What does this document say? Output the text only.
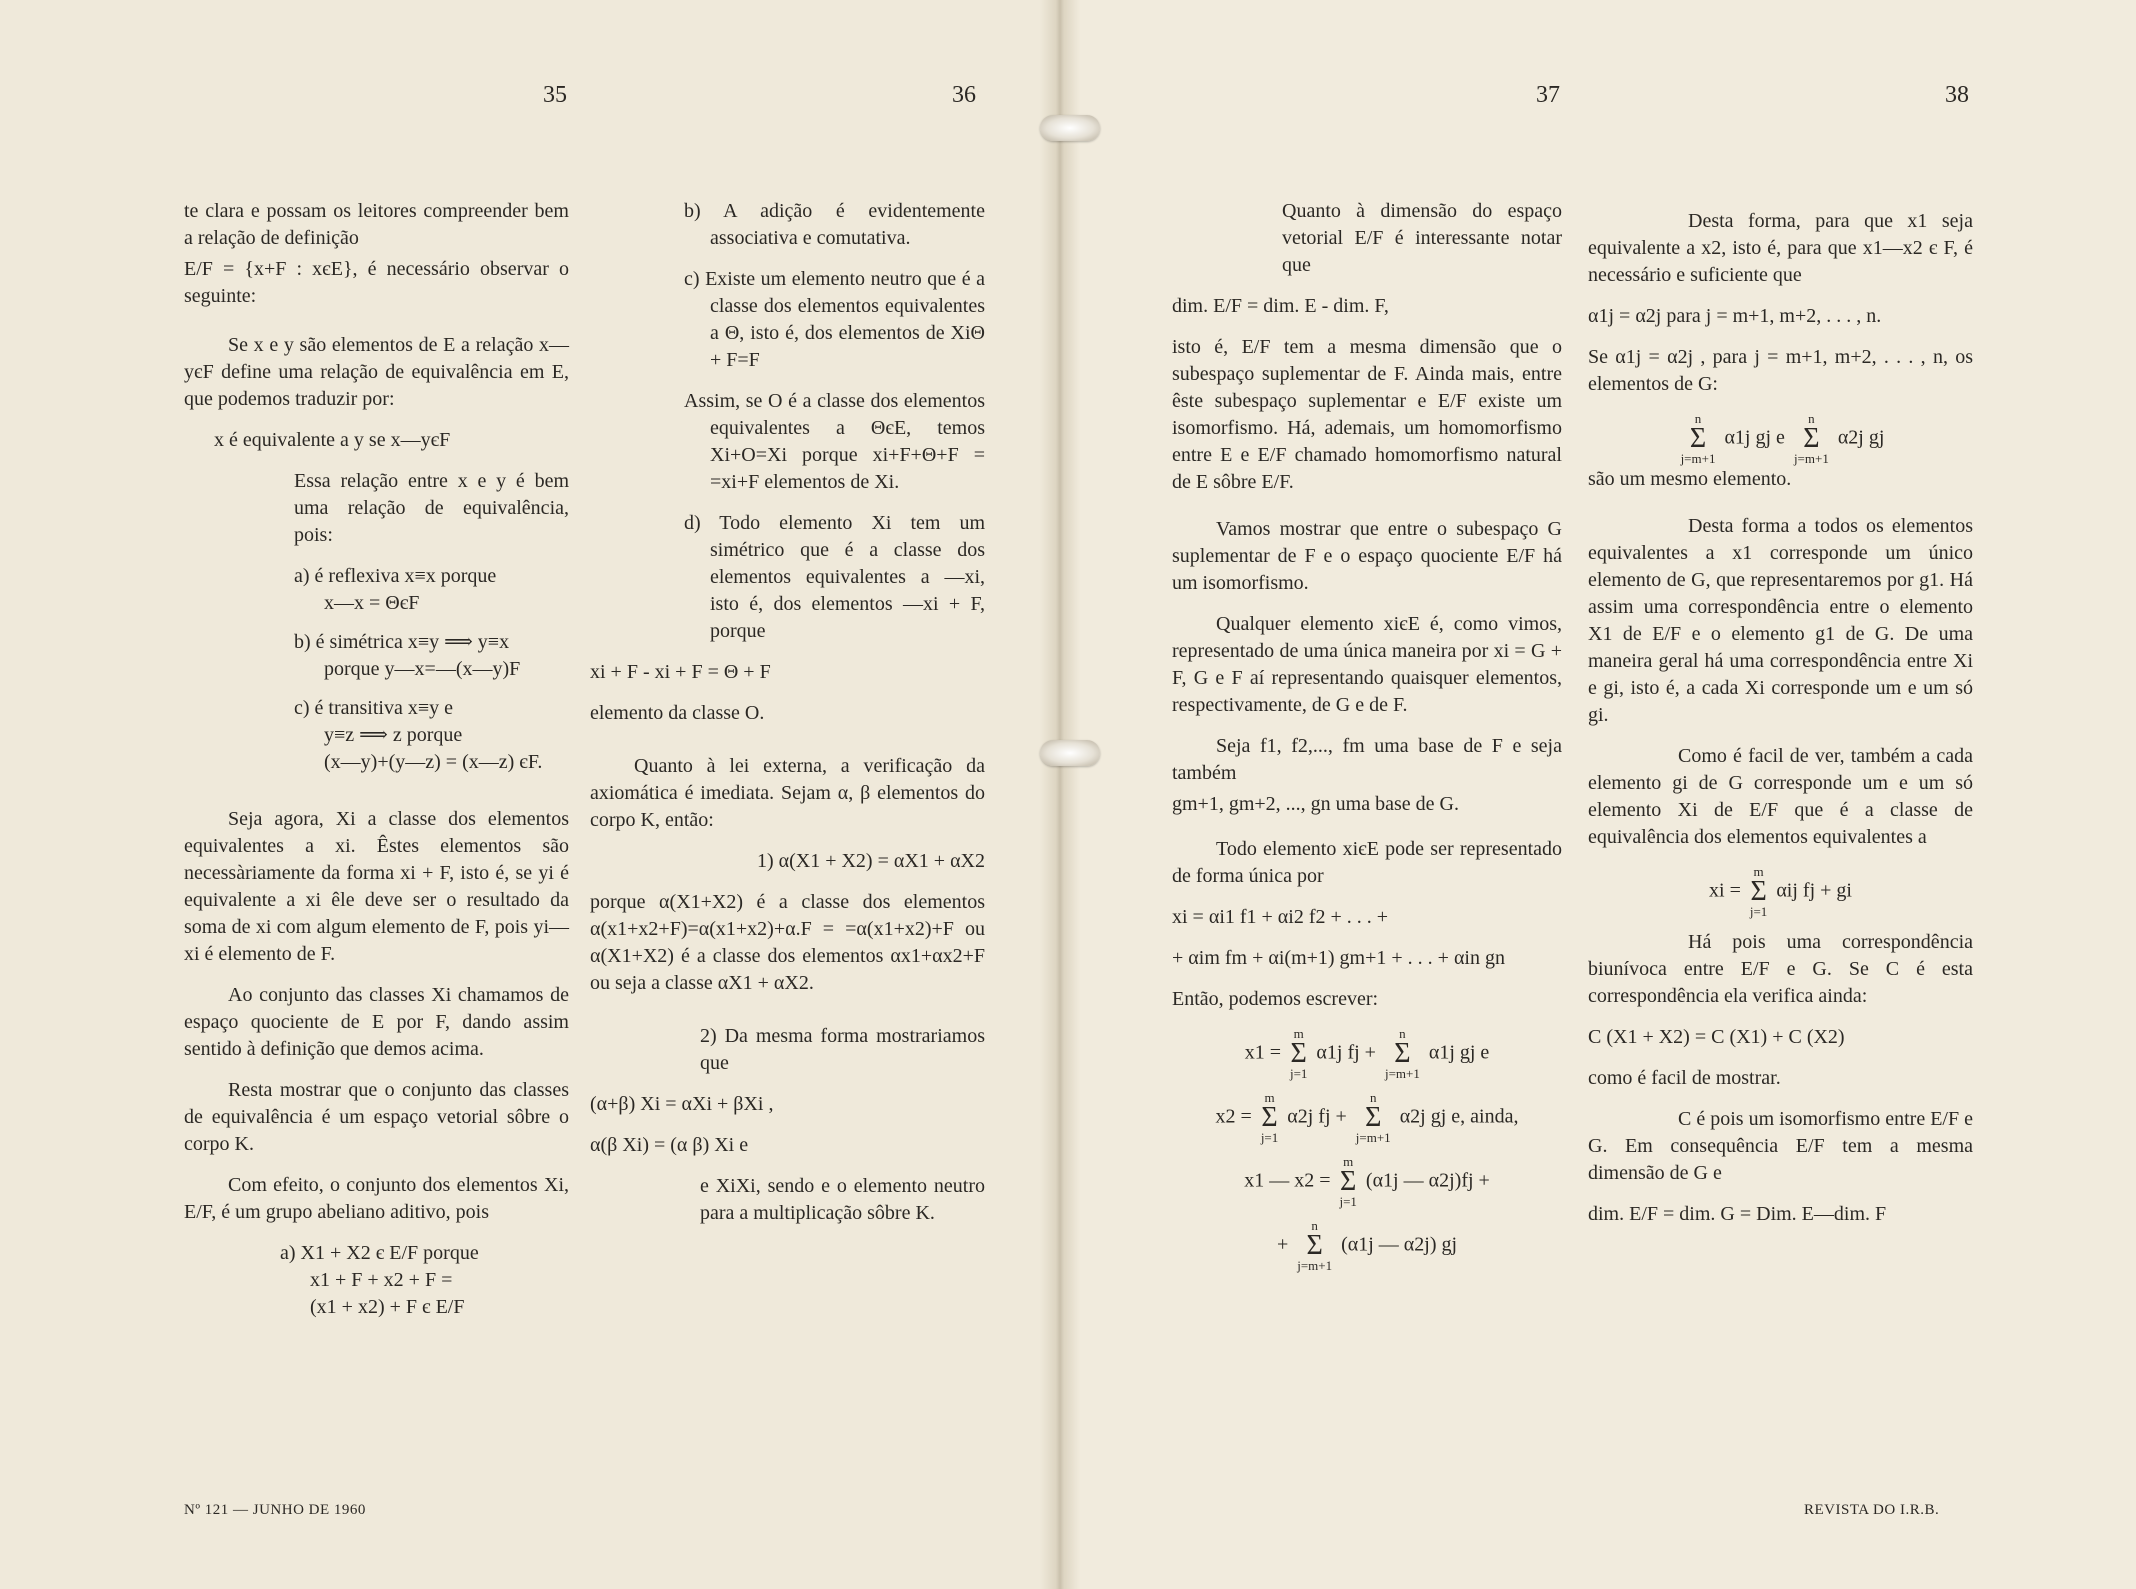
35	36	37	38

te clara e possam os leitores compreender bem a relação de definição

E/F = {x+F : xєE}, é necessário observar o seguinte:

Se x e y são elementos de E a relação x—yєF define uma relação de equivalência em E, que podemos traduzir por:

x é equivalente a y se x—yєF

Essa relação entre x e y é bem uma relação de equivalência, pois:

a) é reflexiva x≡x porque
x—x = ΘєF
b) é simétrica x≡y ⟹ y≡x
porque y—x=—(x—y)F
c) é transitiva x≡y e
y≡z ⟹ z porque
(x—y)+(y—z) = (x—z) єF.

Seja agora, Xi a classe dos elementos equivalentes a xi. Êstes elementos são necessàriamente da forma xi + F, isto é, se yi é equivalente a xi êle deve ser o resultado da soma de xi com algum elemento de F, pois yi—xi é elemento de F.

Ao conjunto das classes Xi chamamos de espaço quociente de E por F, dando assim sentido à definição que demos acima.

Resta mostrar que o conjunto das classes de equivalência é um espaço vetorial sôbre o corpo K.

Com efeito, o conjunto dos elementos Xi, E/F, é um grupo abeliano aditivo, pois

a) X1 + X2 є E/F porque
x1 + F + x2 + F =
(x1 + x2) + F є E/F

b) A adição é evidentemente associativa e comutativa.

c) Existe um elemento neutro que é a classe dos elementos equivalentes a Θ, isto é, dos elementos de XiΘ + F=F

Assim, se O é a classe dos elementos equivalentes a ΘєE, temos Xi+O=Xi porque xi+F+Θ+F = =xi+F elementos de Xi.

d) Todo elemento Xi tem um simétrico que é a classe dos elementos equivalentes a —xi, isto é, dos elementos —xi + F, porque

xi + F - xi + F = Θ + F

elemento da classe O.

Quanto à lei externa, a verificação da axiomática é imediata. Sejam α, β elementos do corpo K, então:

1) α(X1 + X2) = αX1 + αX2

porque α(X1+X2) é a classe dos elementos α(x1+x2+F)=α(x1+x2)+α.F = =α(x1+x2)+F ou α(X1+X2) é a classe dos elementos αx1+αx2+F ou seja a classe αX1 + αX2.

2) Da mesma forma mostrariamos que

(α+β) Xi = αXi + βXi ,

α(β Xi) = (α β) Xi e

e XiXi, sendo e o elemento neutro para a multiplicação sôbre K.

Quanto à dimensão do espaço vetorial E/F é interessante notar que

dim. E/F = dim. E - dim. F,

isto é, E/F tem a mesma dimensão que o subespaço suplementar de F. Ainda mais, entre êste subespaço suplementar e E/F existe um isomorfismo. Há, ademais, um homomorfismo entre E e E/F chamado homomorfismo natural de E sôbre E/F.

Vamos mostrar que entre o subespaço G suplementar de F e o espaço quociente E/F há um isomorfismo.

Qualquer elemento xiєE é, como vimos, representado de uma única maneira por xi = G + F, G e F aí representando quaisquer elementos, respectivamente, de G e de F.

Seja f1, f2,..., fm uma base de F e seja também

gm+1, gm+2, ..., gn uma base de G.

Todo elemento xiєE pode ser representado de forma única por

xi = αi1 f1 + αi2 f2 + . . . +

+ αim fm + αi(m+1) gm+1 + . . . + αin gn

Então, podemos escrever:

x1 = m
Σ
j=1 α1j fj + n
Σ
j=m+1 α1j gj e
x2 = m
Σ
j=1 α2j fj + n
Σ
j=m+1 α2j gj e, ainda,
x1 — x2 = m
Σ
j=1 (α1j — α2j)fj +
+ n
Σ
j=m+1 (α1j — α2j) gj

Desta forma, para que x1 seja equivalente a x2, isto é, para que x1—x2 є F, é necessário e suficiente que

α1j = α2j para j = m+1, m+2, . . . , n.

Se α1j = α2j , para j = m+1, m+2, . . . , n, os elementos de G:

n
Σ
j=m+1 α1j gj e n
Σ
j=m+1 α2j gj

são um mesmo elemento.

Desta forma a todos os elementos equivalentes a x1 corresponde um único elemento de G, que representaremos por g1. Há assim uma correspondência entre o elemento X1 de E/F e o elemento g1 de G. De uma maneira geral há uma correspondência entre Xi e gi, isto é, a cada Xi corresponde um e um só gi.

Como é facil de ver, também a cada elemento gi de G corresponde um e um só elemento Xi de E/F que é a classe de equivalência dos elementos equivalentes a

xi = m
Σ
j=1 αij fj + gi

Há pois uma correspondência biunívoca entre E/F e G. Se C é esta correspondência ela verifica ainda:

C (X1 + X2) = C (X1) + C (X2)

como é facil de mostrar.

C é pois um isomorfismo entre E/F e G. Em consequência E/F tem a mesma dimensão de G e

dim. E/F = dim. G = Dim. E—dim. F

Nº 121 — JUNHO DE 1960	REVISTA DO I.R.B.
